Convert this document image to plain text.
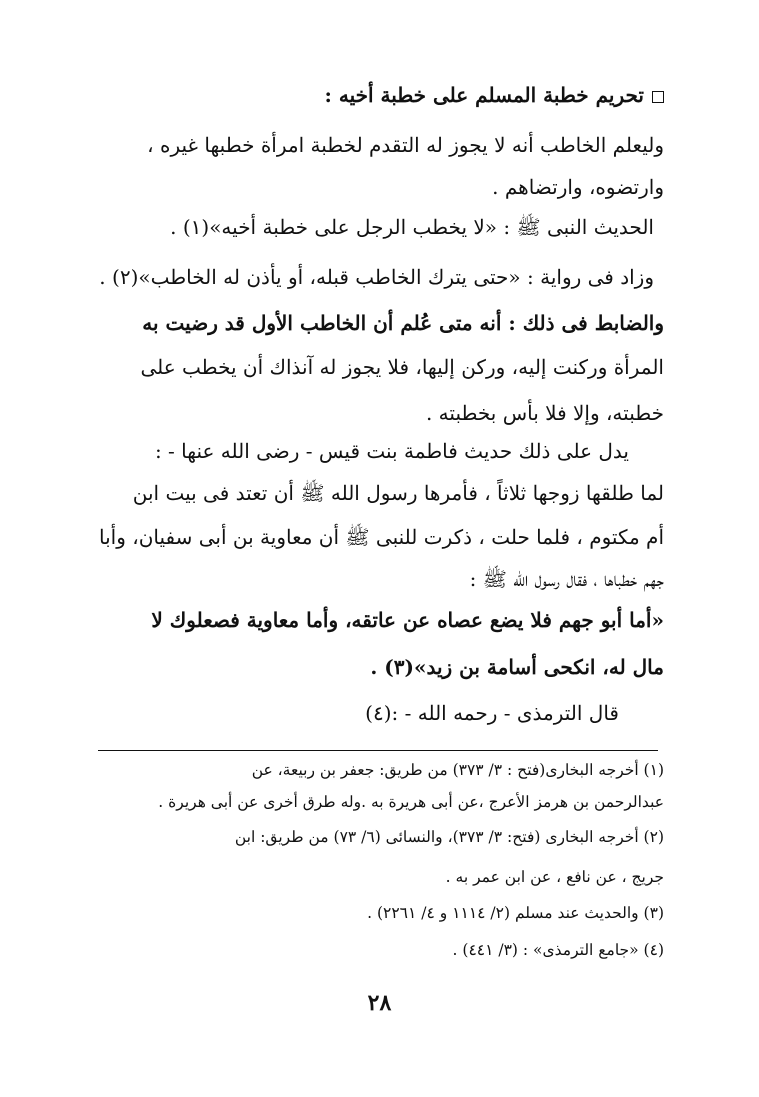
تحريم خطبة المسلم على خطبة أخيه :
وليعلم الخاطب أنه لا يجوز له التقدم لخطبة امرأة خطبها غيره ،
وارتضوه، وارتضاهم .
الحديث النبى ﷺ : «لا يخطب الرجل على خطبة أخيه»(١) .
وزاد فى رواية : «حتى يترك الخاطب قبله، أو يأذن له الخاطب»(٢) .
والضابط فى ذلك : أنه متى عُلم أن الخاطب الأول قد رضيت به
المرأة وركنت إليه، وركن إليها، فلا يجوز له آنذاك أن يخطب على
خطبته، وإلا فلا بأس بخطبته .
يدل على ذلك حديث فاطمة بنت قيس - رضى الله عنها - :
لما طلقها زوجها ثلاثاً ، فأمرها رسول الله ﷺ أن تعتد فى بيت ابن
أم مكتوم ، فلما حلت ، ذكرت للنبى ﷺ أن معاوية بن أبى سفيان، وأبا
جهم خطباها ، فقال رسول الله ﷺ :
«أما أبو جهم فلا يضع عصاه عن عاتقه، وأما معاوية فصعلوك لا
مال له، انكحى أسامة بن زيد»(٣) .
قال الترمذى - رحمه الله - :(٤)
(١) أخرجه البخارى(فتح : ٣/ ٣٧٣) من طريق: جعفر بن ربيعة، عن
عبدالرحمن بن هرمز الأعرج ،عن أبى هريرة به .وله طرق أخرى عن أبى هريرة .
(٢) أخرجه البخارى (فتح: ٣/ ٣٧٣)، والنسائى (٦/ ٧٣) من طريق: ابن
جريج ، عن نافع ، عن ابن عمر به .
(٣) والحديث عند مسلم (٢/ ١١١٤ و ٤/ ٢٢٦١) .
(٤) «جامع الترمذى» : (٣/ ٤٤١) .
٢٨
